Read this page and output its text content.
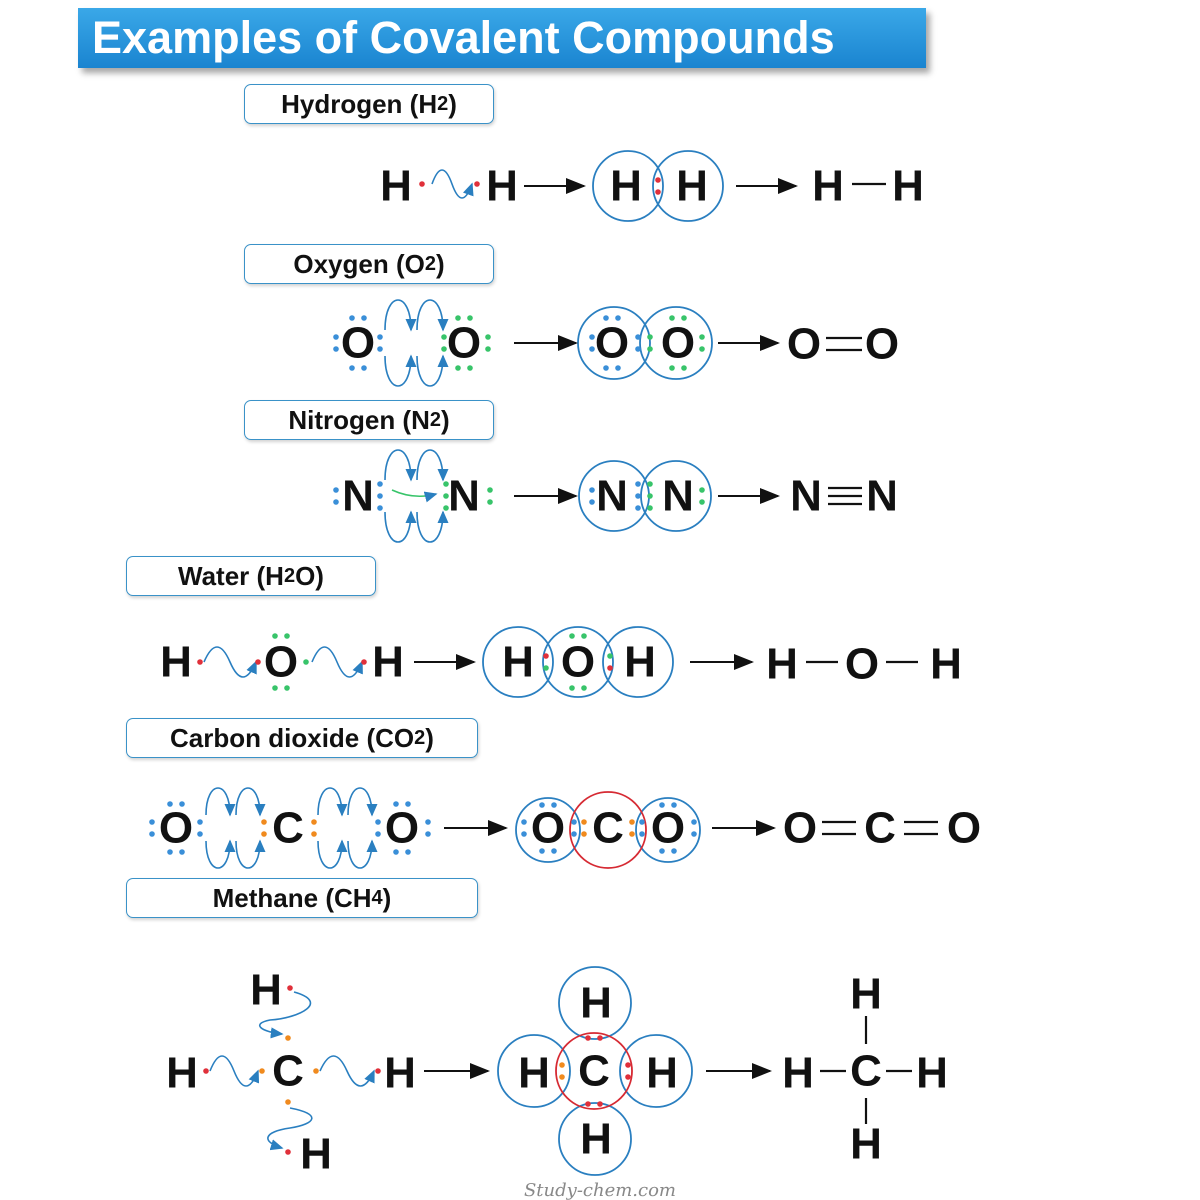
Examples of Covalent Compounds
Hydrogen (H 2 )
Oxygen (O 2 )
Nitrogen (N 2 )
Water (H 2 O)
Carbon dioxide (CO 2 )
Methane (CH 4 )
H H H H H H
O O	O O O O
N N	N N N N
H O H H O H	H O H
O C O	O C O O C O
C
H
H	H
H
H
H C H
H
H
H C H
H
Study-chem.com
